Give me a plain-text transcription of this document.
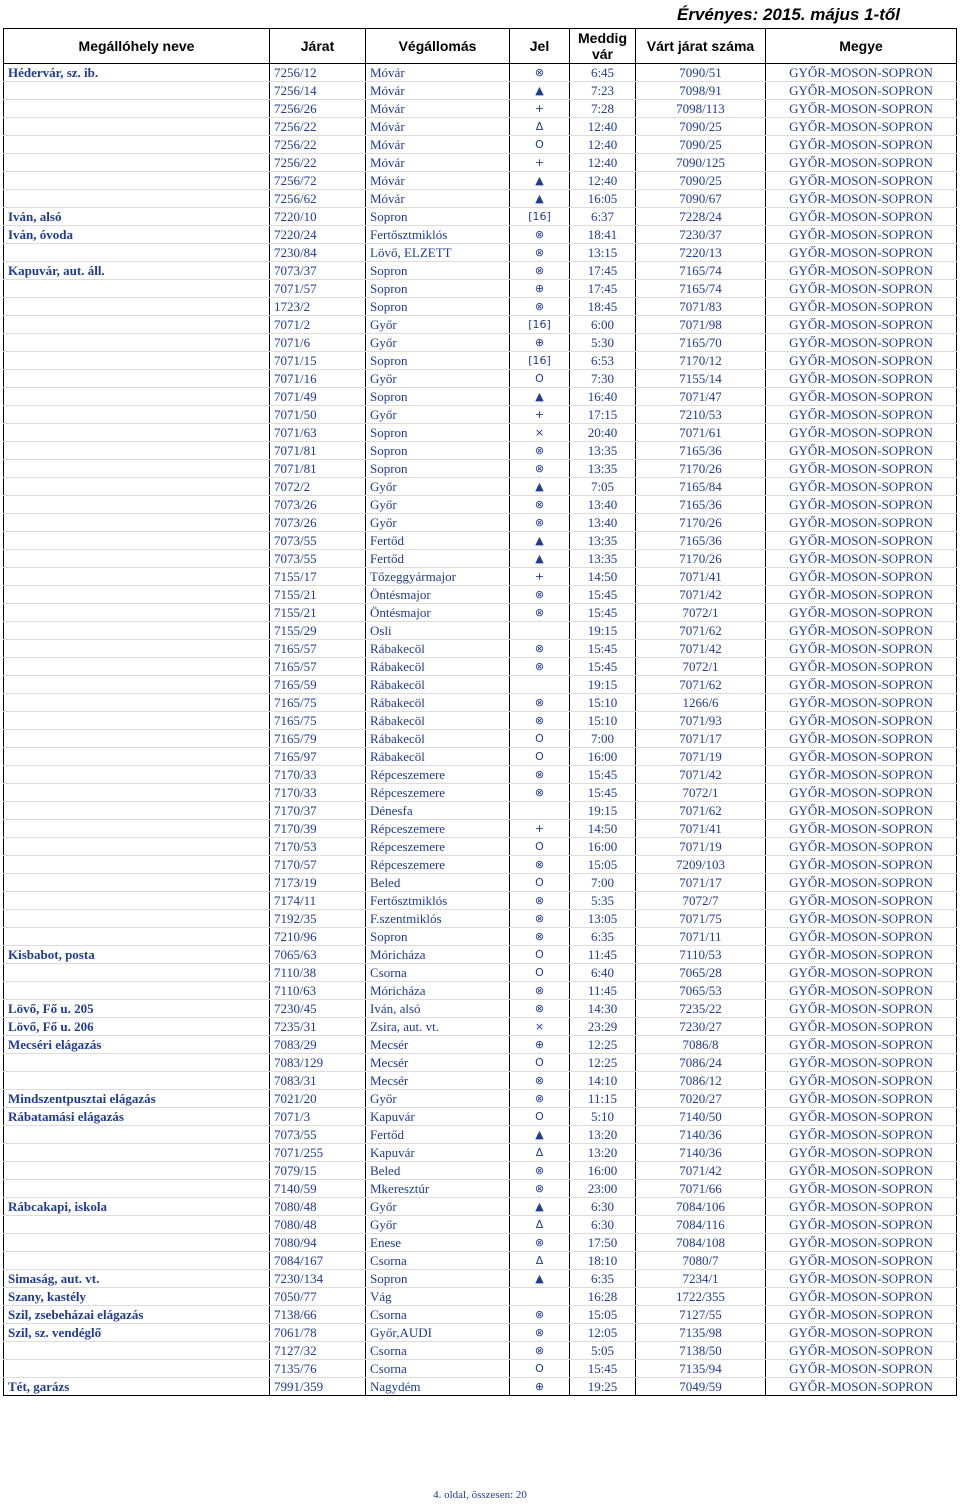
Érvényes: 2015. május 1-től
Megállóhely neve	Járat	Végállomás	Jel	Meddig vár	Várt járat száma	Megye
Hédervár, sz. ib.	7256/12	Móvár	⊗	6:45	7090/51	GYŐR-MOSON-SOPRON
	7256/14	Móvár	▲	7:23	7098/91	GYŐR-MOSON-SOPRON
	7256/26	Móvár	+	7:28	7098/113	GYŐR-MOSON-SOPRON
	7256/22	Móvár	Δ	12:40	7090/25	GYŐR-MOSON-SOPRON
	7256/22	Móvár	O	12:40	7090/25	GYŐR-MOSON-SOPRON
	7256/22	Móvár	+	12:40	7090/125	GYŐR-MOSON-SOPRON
	7256/72	Móvár	▲	12:40	7090/25	GYŐR-MOSON-SOPRON
	7256/62	Móvár	▲	16:05	7090/67	GYŐR-MOSON-SOPRON
Iván, alsó	7220/10	Sopron	[16]	6:37	7228/24	GYŐR-MOSON-SOPRON
Iván, óvoda	7220/24	Fertőszt​miklós	⊗	18:41	7230/37	GYŐR-MOSON-SOPRON
	7230/84	Lövő, ELZETT	⊗	13:15	7220/13	GYŐR-MOSON-SOPRON
Kapuvár, aut. áll.	7073/37	Sopron	⊗	17:45	7165/74	GYŐR-MOSON-SOPRON
	7071/57	Sopron	⊕	17:45	7165/74	GYŐR-MOSON-SOPRON
	1723/2	Sopron	⊗	18:45	7071/83	GYŐR-MOSON-SOPRON
	7071/2	Győr	[16]	6:00	7071/98	GYŐR-MOSON-SOPRON
	7071/6	Győr	⊕	5:30	7165/70	GYŐR-MOSON-SOPRON
	7071/15	Sopron	[16]	6:53	7170/12	GYŐR-MOSON-SOPRON
	7071/16	Győr	O	7:30	7155/14	GYŐR-MOSON-SOPRON
	7071/49	Sopron	▲	16:40	7071/47	GYŐR-MOSON-SOPRON
	7071/50	Győr	+	17:15	7210/53	GYŐR-MOSON-SOPRON
	7071/63	Sopron	×	20:40	7071/61	GYŐR-MOSON-SOPRON
	7071/81	Sopron	⊗	13:35	7165/36	GYŐR-MOSON-SOPRON
	7071/81	Sopron	⊗	13:35	7170/26	GYŐR-MOSON-SOPRON
	7072/2	Győr	▲	7:05	7165/84	GYŐR-MOSON-SOPRON
	7073/26	Győr	⊗	13:40	7165/36	GYŐR-MOSON-SOPRON
	7073/26	Győr	⊗	13:40	7170/26	GYŐR-MOSON-SOPRON
	7073/55	Fertőd	▲	13:35	7165/36	GYŐR-MOSON-SOPRON
	7073/55	Fertőd	▲	13:35	7170/26	GYŐR-MOSON-SOPRON
	7155/17	Tőzeggyármajor	+	14:50	7071/41	GYŐR-MOSON-SOPRON
	7155/21	Öntésmajor	⊗	15:45	7071/42	GYŐR-MOSON-SOPRON
	7155/21	Öntésmajor	⊗	15:45	7072/1	GYŐR-MOSON-SOPRON
	7155/29	Osli		19:15	7071/62	GYŐR-MOSON-SOPRON
	7165/57	Rábakecöl	⊗	15:45	7071/42	GYŐR-MOSON-SOPRON
	7165/57	Rábakecöl	⊗	15:45	7072/1	GYŐR-MOSON-SOPRON
	7165/59	Rábakecöl		19:15	7071/62	GYŐR-MOSON-SOPRON
	7165/75	Rábakecöl	⊗	15:10	1266/6	GYŐR-MOSON-SOPRON
	7165/75	Rábakecöl	⊗	15:10	7071/93	GYŐR-MOSON-SOPRON
	7165/79	Rábakecöl	O	7:00	7071/17	GYŐR-MOSON-SOPRON
	7165/97	Rábakecöl	O	16:00	7071/19	GYŐR-MOSON-SOPRON
	7170/33	Répceszemere	⊗	15:45	7071/42	GYŐR-MOSON-SOPRON
	7170/33	Répceszemere	⊗	15:45	7072/1	GYŐR-MOSON-SOPRON
	7170/37	Dénesfa		19:15	7071/62	GYŐR-MOSON-SOPRON
	7170/39	Répceszemere	+	14:50	7071/41	GYŐR-MOSON-SOPRON
	7170/53	Répceszemere	O	16:00	7071/19	GYŐR-MOSON-SOPRON
	7170/57	Répceszemere	⊗	15:05	7209/103	GYŐR-MOSON-SOPRON
	7173/19	Beled	O	7:00	7071/17	GYŐR-MOSON-SOPRON
	7174/11	Fertőszt​miklós	⊗	5:35	7072/7	GYŐR-MOSON-SOPRON
	7192/35	F.szentmiklós	⊗	13:05	7071/75	GYŐR-MOSON-SOPRON
	7210/96	Sopron	⊗	6:35	7071/11	GYŐR-MOSON-SOPRON
Kisbabot, posta	7065/63	Móricháza	O	11:45	7110/53	GYŐR-MOSON-SOPRON
	7110/38	Csorna	O	6:40	7065/28	GYŐR-MOSON-SOPRON
	7110/63	Móricháza	⊗	11:45	7065/53	GYŐR-MOSON-SOPRON
Lövő, Fő u. 205	7230/45	Iván, alsó	⊗	14:30	7235/22	GYŐR-MOSON-SOPRON
Lövő, Fő u. 206	7235/31	Zsira, aut. vt.	×	23:29	7230/27	GYŐR-MOSON-SOPRON
Mecséri elágazás	7083/29	Mecsér	⊕	12:25	7086/8	GYŐR-MOSON-SOPRON
	7083/129	Mecsér	O	12:25	7086/24	GYŐR-MOSON-SOPRON
	7083/31	Mecsér	⊗	14:10	7086/12	GYŐR-MOSON-SOPRON
Mindszentpusztai elágazás	7021/20	Győr	⊗	11:15	7020/27	GYŐR-MOSON-SOPRON
Rábatamási elágazás	7071/3	Kapuvár	O	5:10	7140/50	GYŐR-MOSON-SOPRON
	7073/55	Fertőd	▲	13:20	7140/36	GYŐR-MOSON-SOPRON
	7071/255	Kapuvár	Δ	13:20	7140/36	GYŐR-MOSON-SOPRON
	7079/15	Beled	⊗	16:00	7071/42	GYŐR-MOSON-SOPRON
	7140/59	Mkeresztúr	⊗	23:00	7071/66	GYŐR-MOSON-SOPRON
Rábcakapi, iskola	7080/48	Győr	▲	6:30	7084/106	GYŐR-MOSON-SOPRON
	7080/48	Győr	Δ	6:30	7084/116	GYŐR-MOSON-SOPRON
	7080/94	Enese	⊗	17:50	7084/108	GYŐR-MOSON-SOPRON
	7084/167	Csorna	Δ	18:10	7080/7	GYŐR-MOSON-SOPRON
Simaság, aut. vt.	7230/134	Sopron	▲	6:35	7234/1	GYŐR-MOSON-SOPRON
Szany, kastély	7050/77	Vág		16:28	1722/355	GYŐR-MOSON-SOPRON
Szil, zsebeházai elágazás	7138/66	Csorna	⊗	15:05	7127/55	GYŐR-MOSON-SOPRON
Szil, sz. vendéglő	7061/78	Győr,AUDI	⊗	12:05	7135/98	GYŐR-MOSON-SOPRON
	7127/32	Csorna	⊗	5:05	7138/50	GYŐR-MOSON-SOPRON
	7135/76	Csorna	O	15:45	7135/94	GYŐR-MOSON-SOPRON
Tét, garázs	7991/359	Nagydém	⊕	19:25	7049/59	GYŐR-MOSON-SOPRON
4. oldal, összesen: 20
